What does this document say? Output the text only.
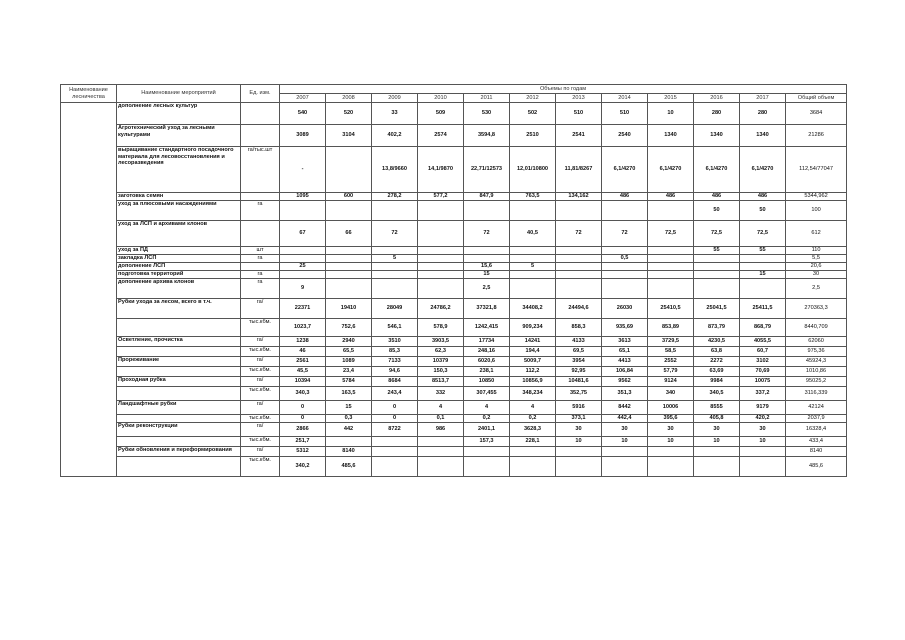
Наименование лесничества	Наименование мероприятий	Ед. изм.	Объемы по годам											
			2007	2008	2009	2010	2011	2012	2013	2014	2015	2016	2017	Общий объем
	дополнение лесных культур		540	520	33	509	530	502	510	510	10	280	280	3684
	Агротехнический уход за лесными культурами		3089	3104	402,2	2574	3594,8	2510	2541	2540	1340	1340	1340	21286
	выращивание стандартного посадочного материала для лесовосстановления и лесоразведения	га/тыс.шт	-		13,8/9660	14,1/9870	22,71/12573	12,01/10800	11,81/8267	6,1/4270	6,1/4270	6,1/4270	6,1/4270	112,54/77047
	заготовка семян		1095	600	278,2	577,2	847,9	763,5	134,162	486	486	486	486	5344,962
	уход за плюсовыми насаждениями	га										50	50	100
	уход за ЛСП и архивами клонов		67	66	72		72	40,5	72	72	72,5	72,5	72,5	612
	уход за ПД	шт										55	55	110
	закладка ЛСП	га			5					0,5				5,5
	дополнение ЛСП		25				15,6	5						20,6
	подготовка территорий	га					15						15	30
	дополнение архива клонов	га	9				2,5							2,5
	Рубки ухода за лесом, всего в т.ч.	га/	22371	19410	28049	24786,2	37321,8	34408,2	24494,6	26030	25410,5	25041,5	25411,5	270363,3
		тыс.кбм.	1023,7	752,6	546,1	578,9	1242,415	909,234	858,3	935,69	853,89	873,79	868,79	8440,709
	Осветление, прочистка	га/	1238	2940	3510	3903,5	17734	14241	4133	3613	3729,5	4230,5	4055,5	62060
		тыс.кбм.	46	65,5	85,3	62,3	248,16	194,4	69,5	65,1	58,5	63,8	60,7	975,36
	Прореживание	га/	2561	1089	7133	10379	6020,6	5009,7	3954	4413	2552	2272	3102	45924,3
		тыс.кбм.	45,5	23,4	94,6	150,3	238,1	112,2	92,95	106,84	57,79	63,69	70,69	1010,86
	Проходная рубка	га/	10394	5784	8684	8513,7	10850	10856,9	10481,6	9562	9124	9984	10075	95025,2
		тыс.кбм.	340,3	163,5	243,4	332	307,455	348,234	352,75	351,3	340	340,5	337,2	3116,339
	Ландшафтные рубки	га/	0	15	0	4	4	4	5916	8442	10006	8555	9179	42124
		тыс.кбм.	0	0,3	0	0,1	0,2	0,2	373,1	442,4	395,6	405,8	420,2	2037,9
	Рубки реконструкции	га/	2866	442	8722	986	2401,1	3628,3	30	30	30	30	30	16328,4
		тыс.кбм.	251,7				157,3	228,1	10	10	10	10	10	433,4
	Рубки обновления и переформирования	га/	5312	8140										8140
		тыс.кбм.	340,2	485,6										485,6
